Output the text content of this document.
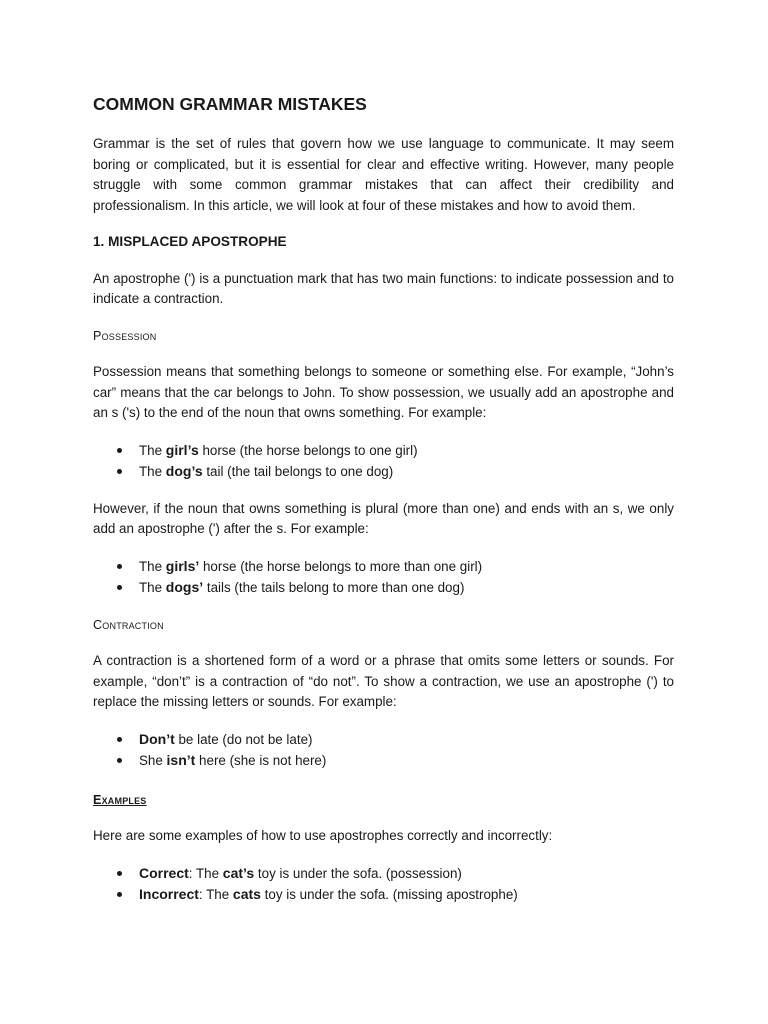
COMMON GRAMMAR MISTAKES

Grammar is the set of rules that govern how we use language to communicate. It may seem boring or complicated, but it is essential for clear and effective writing. However, many people struggle with some common grammar mistakes that can affect their credibility and professionalism. In this article, we will look at four of these mistakes and how to avoid them.

1. MISPLACED APOSTROPHE

An apostrophe (') is a punctuation mark that has two main functions: to indicate possession and to indicate a contraction.

Possession

Possession means that something belongs to someone or something else. For example, “John’s car” means that the car belongs to John. To show possession, we usually add an apostrophe and an s ('s) to the end of the noun that owns something. For example:

The girl’s horse (the horse belongs to one girl)
The dog’s tail (the tail belongs to one dog)

However, if the noun that owns something is plural (more than one) and ends with an s, we only add an apostrophe (') after the s. For example:

The girls’ horse (the horse belongs to more than one girl)
The dogs’ tails (the tails belong to more than one dog)
Contraction

A contraction is a shortened form of a word or a phrase that omits some letters or sounds. For example, “don’t” is a contraction of “do not”. To show a contraction, we use an apostrophe (') to replace the missing letters or sounds. For example:

Don’t be late (do not be late)
She isn’t here (she is not here)
Examples

Here are some examples of how to use apostrophes correctly and incorrectly:

Correct: The cat’s toy is under the sofa. (possession)
Incorrect: The cats toy is under the sofa. (missing apostrophe)
